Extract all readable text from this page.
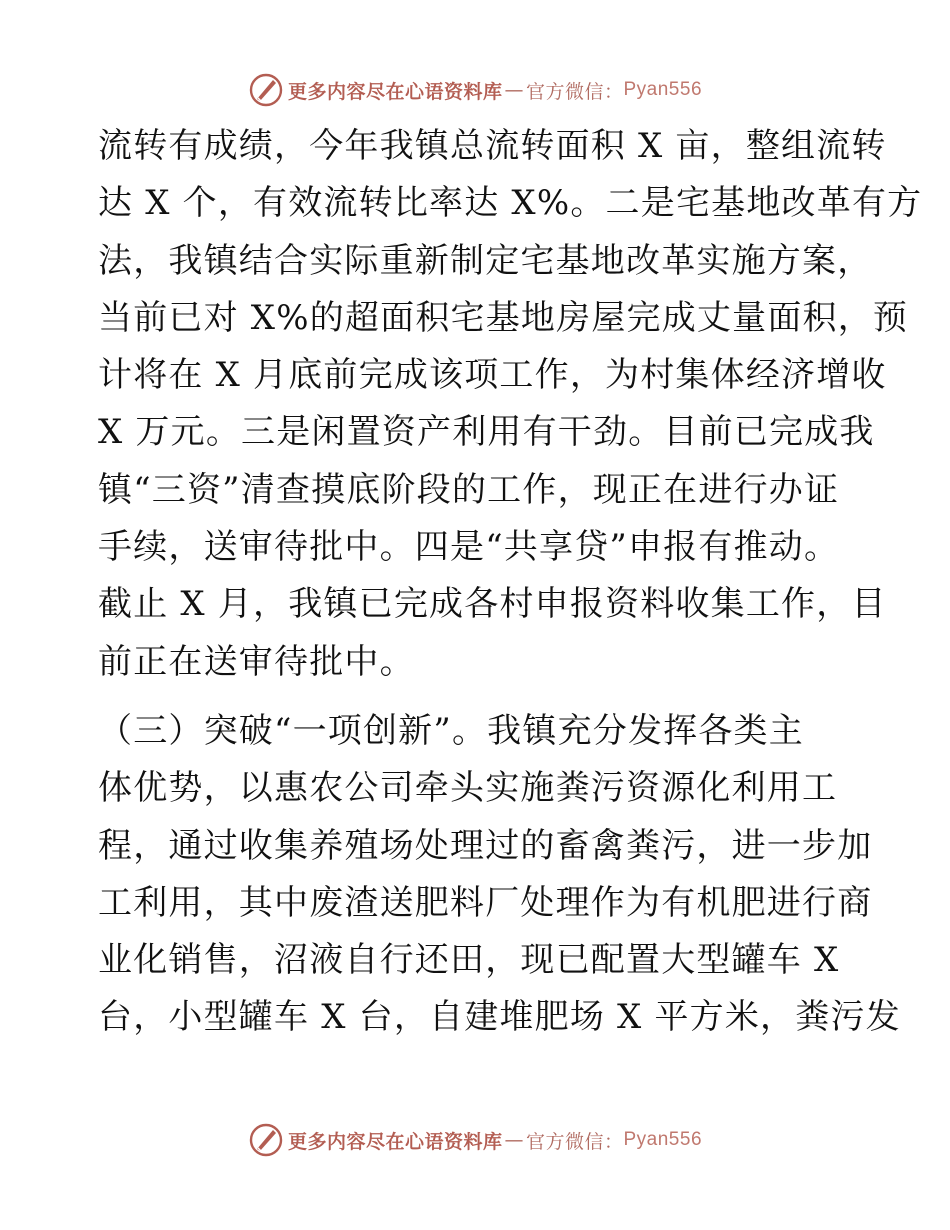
更多内容尽在心语资料库 — 官方微信： Pyan556
流转有成绩，今年我镇总流转面积 X 亩，整组流转
达 X 个，有效流转比率达 X%。二是宅基地改革有方
法，我镇结合实际重新制定宅基地改革实施方案，
当前已对 X%的超面积宅基地房屋完成丈量面积，预
计将在 X 月底前完成该项工作，为村集体经济增收
X 万元。三是闲置资产利用有干劲。目前已完成我
镇“三资”清查摸底阶段的工作，现正在进行办证
手续，送审待批中。四是“共享贷”申报有推动。
截止 X 月，我镇已完成各村申报资料收集工作，目
前正在送审待批中。
（三）突破“一项创新”。我镇充分发挥各类主
体优势，以惠农公司牵头实施粪污资源化利用工
程，通过收集养殖场处理过的畜禽粪污，进一步加
工利用，其中废渣送肥料厂处理作为有机肥进行商
业化销售，沼液自行还田，现已配置大型罐车 X
台，小型罐车 X 台，自建堆肥场 X 平方米，粪污发
更多内容尽在心语资料库 — 官方微信： Pyan556
